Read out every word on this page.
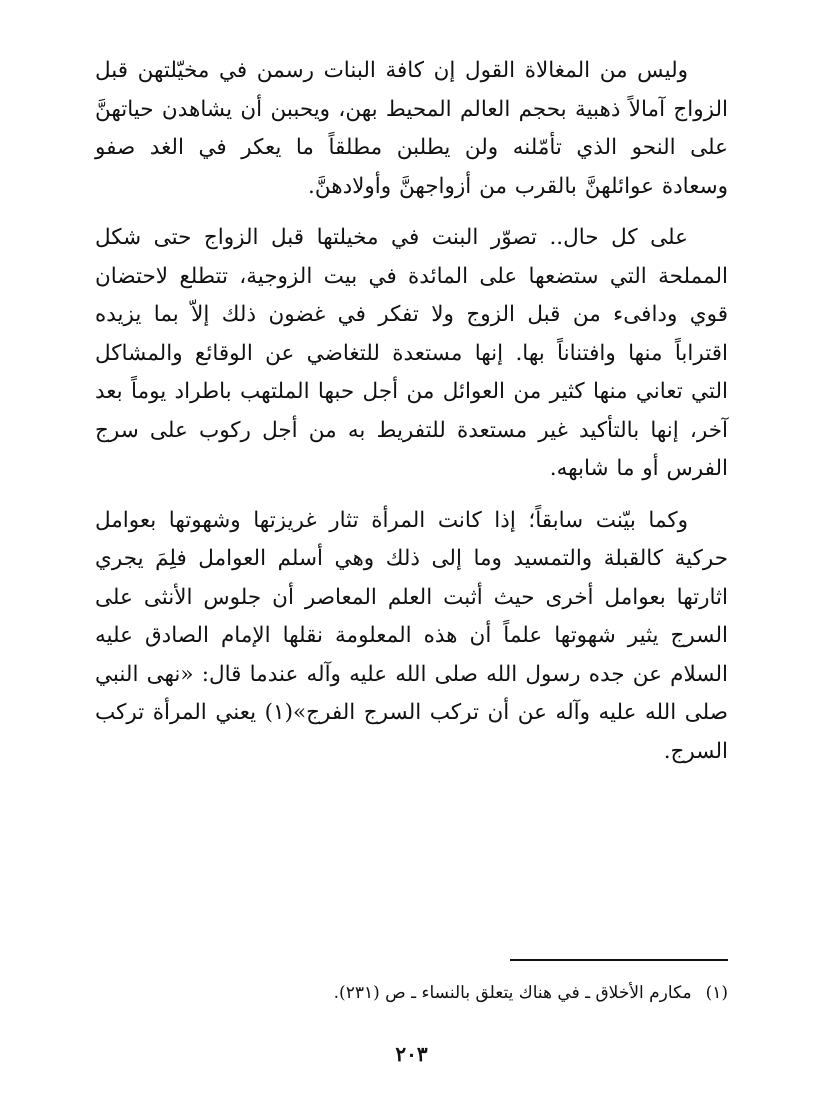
وليس من المغالاة القول إن كافة البنات رسمن في مخيّلتهن قبل الزواج آمالاً ذهبية بحجم العالم المحيط بهن، ويحببن أن يشاهدن حياتهنَّ على النحو الذي تأمّلنه ولن يطلبن مطلقاً ما يعكر في الغد صفو وسعادة عوائلهنَّ بالقرب من أزواجهنَّ وأولادهنَّ.

على كل حال.. تصوّر البنت في مخيلتها قبل الزواج حتى شكل المملحة التي ستضعها على المائدة في بيت الزوجية، تتطلع لاحتضان قوي ودافىء من قبل الزوج ولا تفكر في غضون ذلك إلاّ بما يزيده اقتراباً منها وافتناناً بها. إنها مستعدة للتغاضي عن الوقائع والمشاكل التي تعاني منها كثير من العوائل من أجل حبها الملتهب باطراد يوماً بعد آخر، إنها بالتأكيد غير مستعدة للتفريط به من أجل ركوب على سرج الفرس أو ما شابهه.

وكما بيّنت سابقاً؛ إذا كانت المرأة تثار غريزتها وشهوتها بعوامل حركية كالقبلة والتمسيد وما إلى ذلك وهي أسلم العوامل فلِمَ يجري اثارتها بعوامل أخرى حيث أثبت العلم المعاصر أن جلوس الأنثى على السرج يثير شهوتها علماً أن هذه المعلومة نقلها الإمام الصادق عليه السلام عن جده رسول الله صلى الله عليه وآله عندما قال: «نهى النبي صلى الله عليه وآله عن أن تركب السرج الفرج»(١) يعني المرأة تركب السرج.

(١)مكارم الأخلاق ـ في هناك يتعلق بالنساء ـ ص (٢٣١).
٢٠٣
